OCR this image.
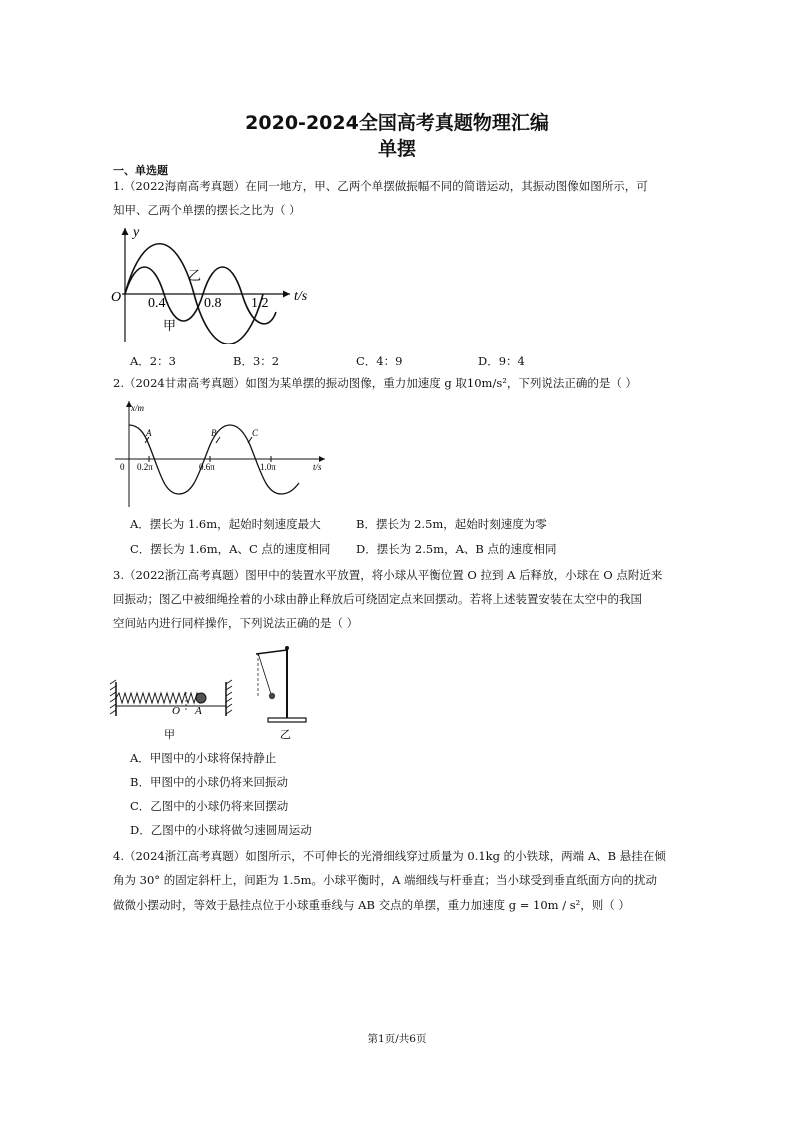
2020-2024全国高考真题物理汇编
单摆
一、单选题
1.（2022海南高考真题）在同一地方，甲、乙两个单摆做振幅不同的简谐运动，其振动图像如图所示，可
知甲、乙两个单摆的摆长之比为（ ）
y
O 0.4	0.8 1.2 t/s
乙
甲
A．2：3	B．3：2	C．4：9	D．9：4
2.（2024甘肃高考真题）如图为某单摆的振动图像，重力加速度 g 取10m/s²，下列说法正确的是（ ）
x/m
0 0.2π	0.6π	1.0π	t/s
A	B	C
A．摆长为 1.6m，起始时刻速度最大	B．摆长为 2.5m，起始时刻速度为零
C．摆长为 1.6m，A、C 点的速度相同 D．摆长为 2.5m，A、B 点的速度相同
3.（2022浙江高考真题）图甲中的装置水平放置，将小球从平衡位置 O 拉到 A 后释放，小球在 O 点附近来
回振动；图乙中被细绳拴着的小球由静止释放后可绕固定点来回摆动。若将上述装置安装在太空中的我国
空间站内进行同样操作，下列说法正确的是（ ）
O A
甲	乙
A．甲图中的小球将保持静止
B．甲图中的小球仍将来回振动
C．乙图中的小球仍将来回摆动
D．乙图中的小球将做匀速圆周运动
4.（2024浙江高考真题）如图所示，不可伸长的光滑细线穿过质量为 0.1kg 的小铁球，两端 A、B 悬挂在倾
角为 30° 的固定斜杆上，间距为 1.5m。小球平衡时，A 端细线与杆垂直；当小球受到垂直纸面方向的扰动
做微小摆动时，等效于悬挂点位于小球重垂线与 AB 交点的单摆，重力加速度 g = 10m / s²，则（ ）
第1页/共6页
